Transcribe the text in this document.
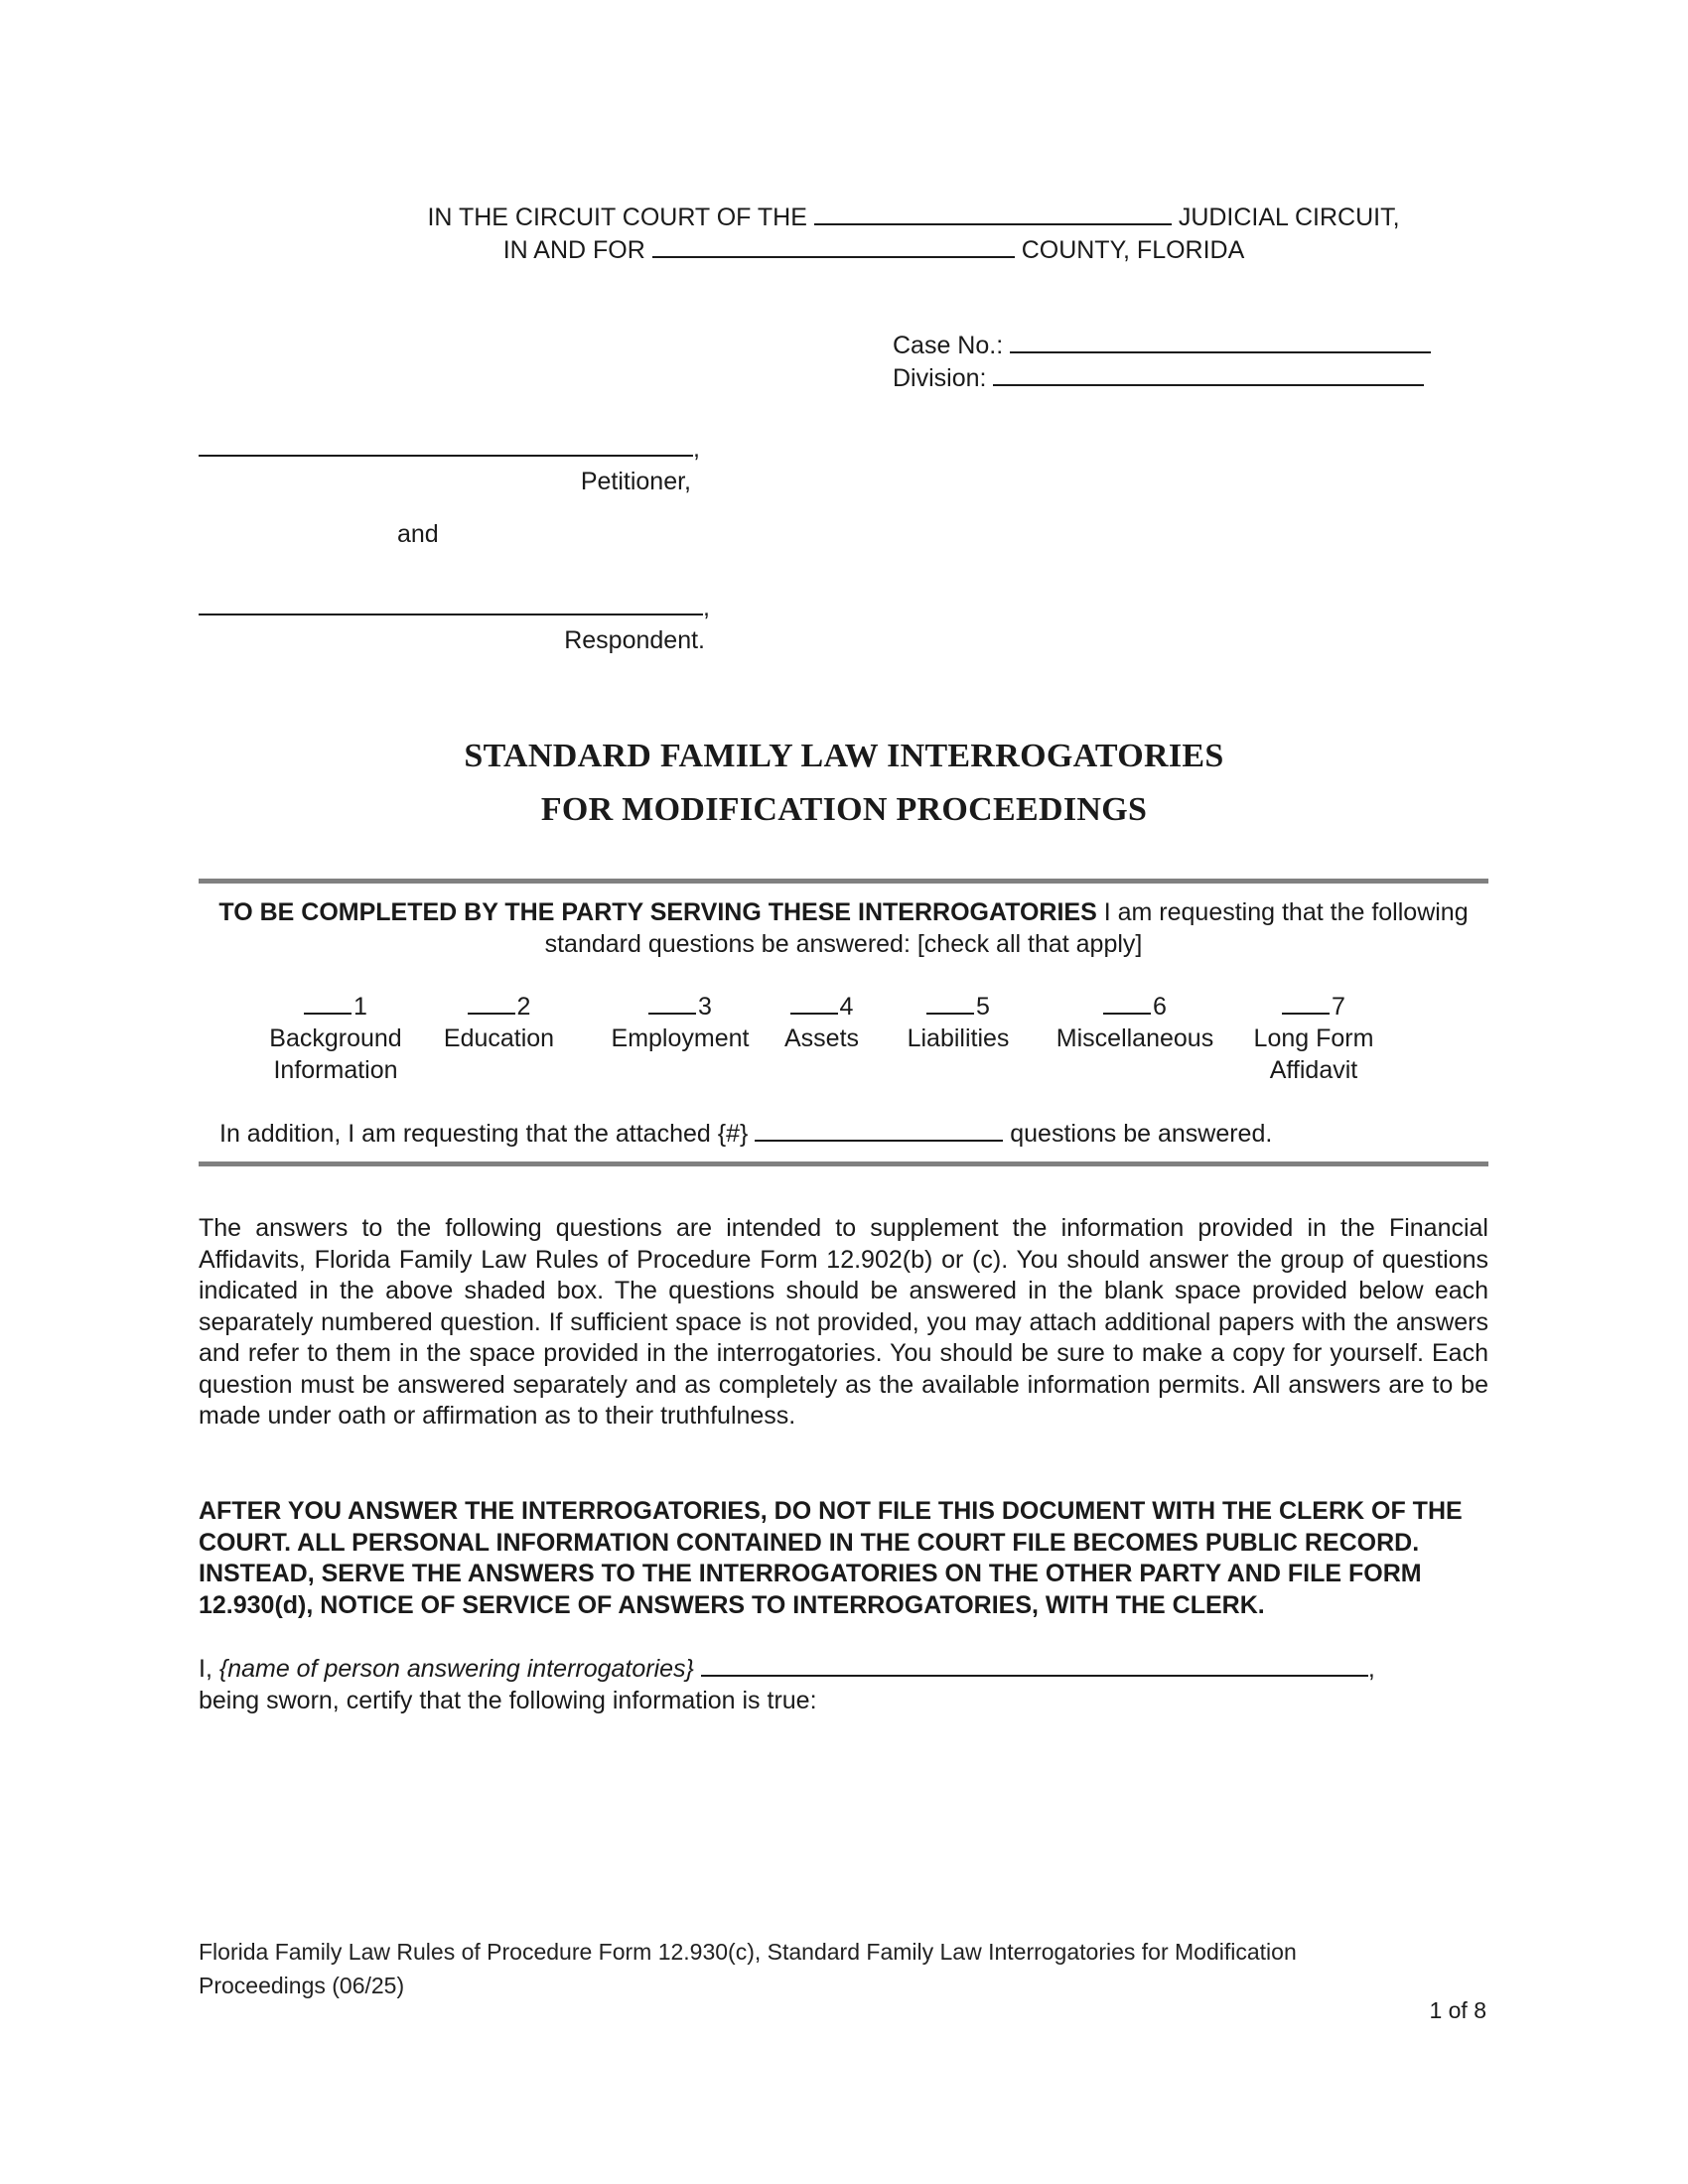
IN THE CIRCUIT COURT OF THE	JUDICIAL CIRCUIT,
IN AND FOR	COUNTY, FLORIDA
Case No.:
Division:
,
Petitioner,
and
,
Respondent.
STANDARD FAMILY LAW INTERROGATORIES
FOR MODIFICATION PROCEEDINGS
TO BE COMPLETED BY THE PARTY SERVING THESE INTERROGATORIES I am requesting that the following standard questions be answered: [check all that apply]
1
Background
Information
2
Education
3
Employment
4
Assets
5
Liabilities
6
Miscellaneous
7
Long Form
Affidavit
In addition, I am requesting that the attached {#}	questions be answered.
The answers to the following questions are intended to supplement the information provided in the Financial Affidavits, Florida Family Law Rules of Procedure Form 12.902(b) or (c). You should answer the group of questions indicated in the above shaded box. The questions should be answered in the blank space provided below each separately numbered question. If sufficient space is not provided, you may attach additional papers with the answers and refer to them in the space provided in the interrogatories. You should be sure to make a copy for yourself. Each question must be answered separately and as completely as the available information permits. All answers are to be made under oath or affirmation as to their truthfulness.
AFTER YOU ANSWER THE INTERROGATORIES, DO NOT FILE THIS DOCUMENT WITH THE CLERK OF THE COURT. ALL PERSONAL INFORMATION CONTAINED IN THE COURT FILE BECOMES PUBLIC RECORD. INSTEAD, SERVE THE ANSWERS TO THE INTERROGATORIES ON THE OTHER PARTY AND FILE FORM 12.930(d), NOTICE OF SERVICE OF ANSWERS TO INTERROGATORIES, WITH THE CLERK.
I, {name of person answering interrogatories}	,
being sworn, certify that the following information is true:
Florida Family Law Rules of Procedure Form 12.930(c), Standard Family Law Interrogatories for Modification
Proceedings (06/25)
1 of 8
